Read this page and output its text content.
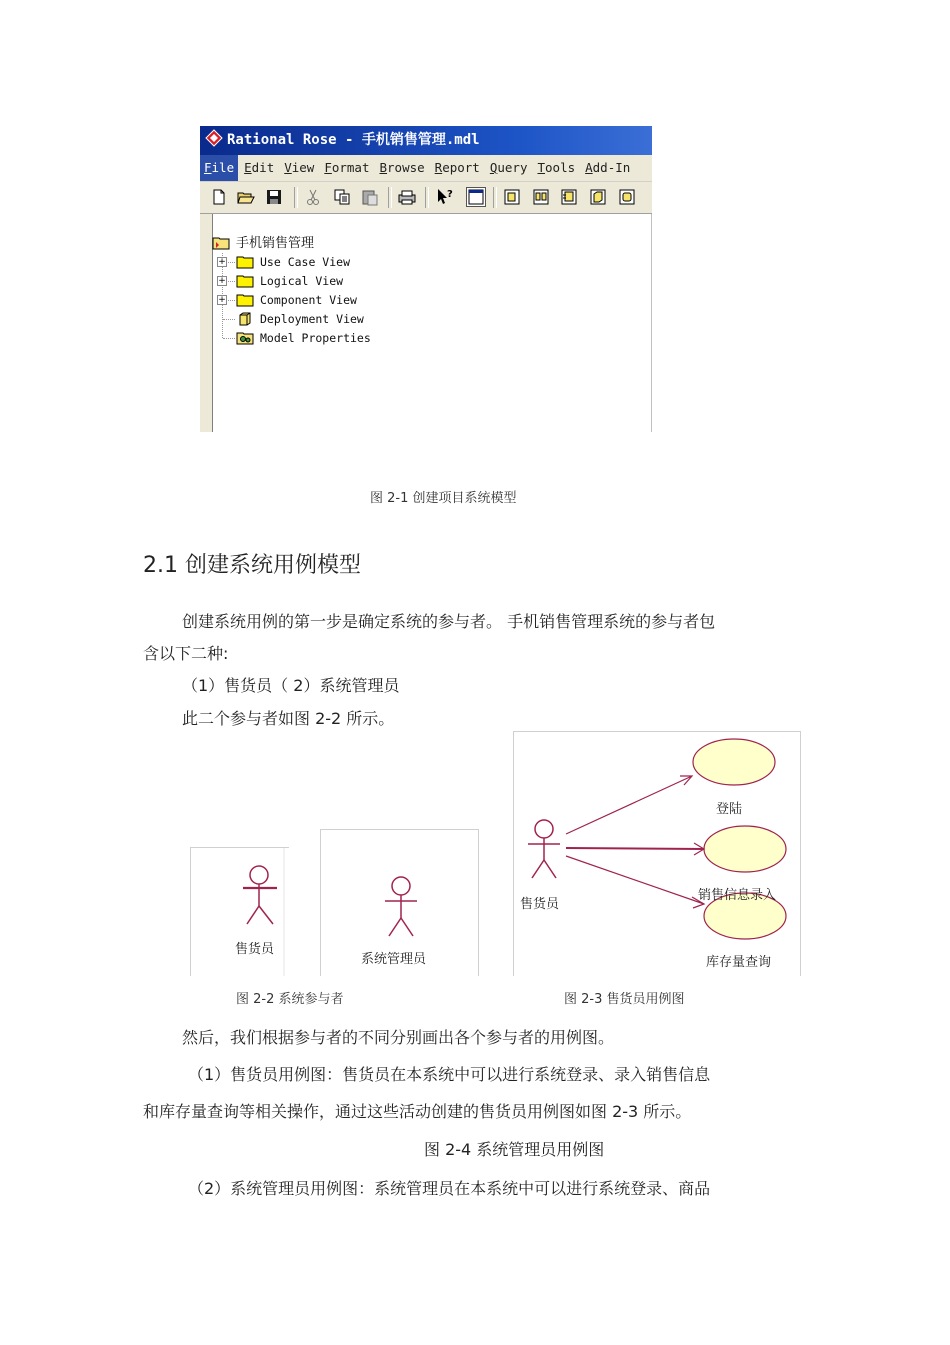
Rational Rose - 手机销售管理.mdl
File Edit View Format Browse Report Query Tools Add-In
?
手机销售管理
+	Use Case View
+	Logical View
+	Component View
Deployment View
Model Properties
图 2-1 创建项目系统模型
2.1 创建系统用例模型
创建系统用例的第一步是确定系统的参与者。 手机销售管理系统的参与者包
含以下二种:
（1）售货员（ 2）系统管理员
此二个参与者如图 2-2 所示。
售货员
系统管理员
售货员
登陆
销售信息录入
库存量查询
图 2-2 系统参与者	图 2-3 售货员用例图
然后，我们根据参与者的不同分别画出各个参与者的用例图。
（1）售货员用例图：售货员在本系统中可以进行系统登录、录入销售信息
和库存量查询等相关操作，通过这些活动创建的售货员用例图如图 2-3 所示。
图 2-4 系统管理员用例图
（2）系统管理员用例图：系统管理员在本系统中可以进行系统登录、商品
